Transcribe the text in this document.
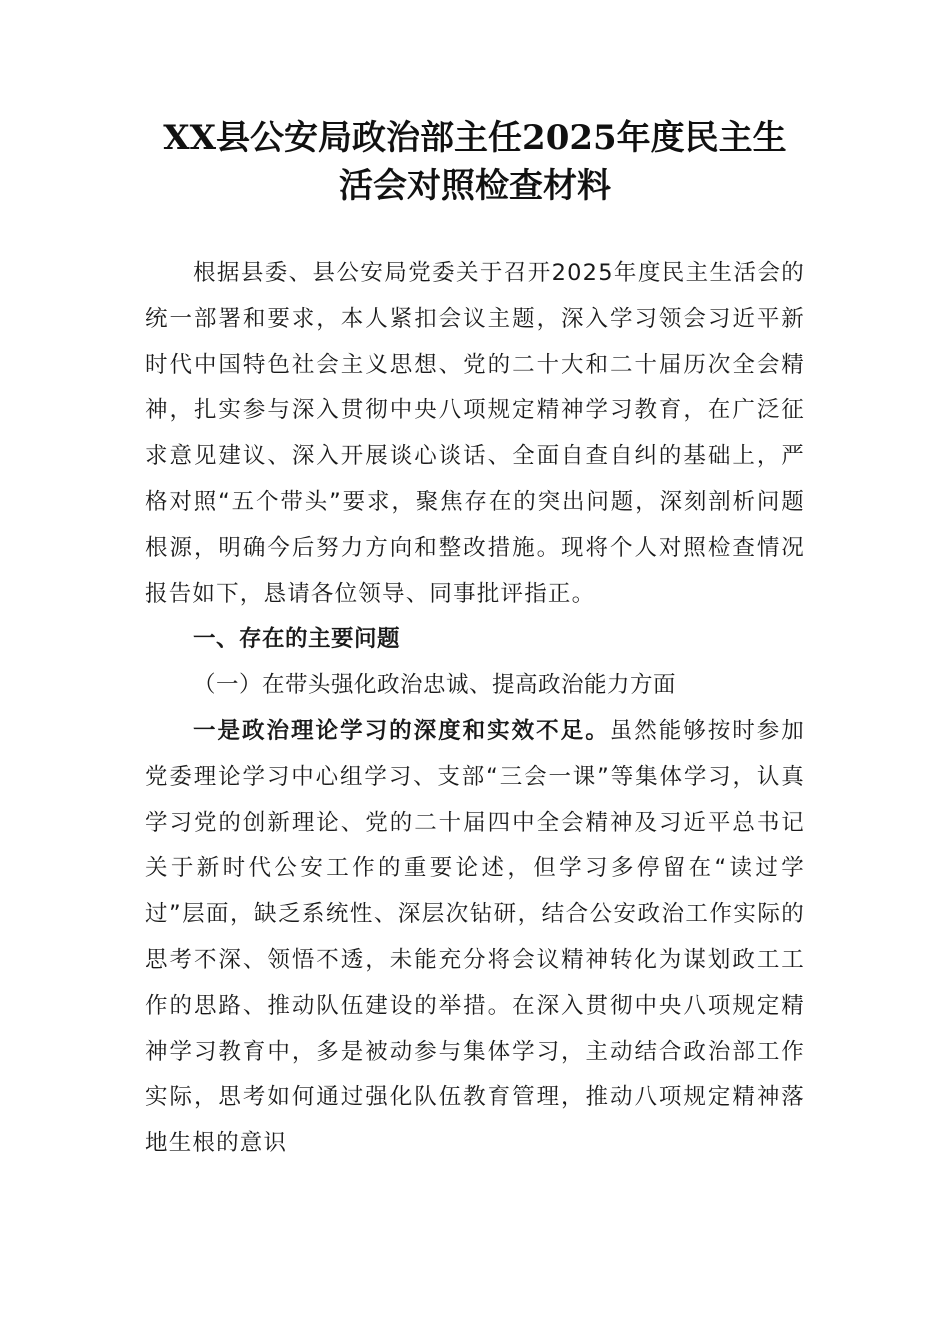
XX县公安局政治部主任2025年度民主生
活会对照检查材料

根据县委、县公安局党委关于召开2025年度民主生活会的统一部署和要求，本人紧扣会议主题，深入学习领会习近平新时代中国特色社会主义思想、党的二十大和二十届历次全会精神，扎实参与深入贯彻中央八项规定精神学习教育，在广泛征求意见建议、深入开展谈心谈话、全面自查自纠的基础上，严格对照“五个带头”要求，聚焦存在的突出问题，深刻剖析问题根源，明确今后努力方向和整改措施。现将个人对照检查情况报告如下，恳请各位领导、同事批评指正。

一、存在的主要问题

（一）在带头强化政治忠诚、提高政治能力方面

一是政治理论学习的深度和实效不足。虽然能够按时参加党委理论学习中心组学习、支部“三会一课”等集体学习，认真学习党的创新理论、党的二十届四中全会精神及习近平总书记关于新时代公安工作的重要论述，但学习多停留在“读过学过”层面，缺乏系统性、深层次钻研，结合公安政治工作实际的思考不深、领悟不透，未能充分将会议精神转化为谋划政工工作的思路、推动队伍建设的举措。在深入贯彻中央八项规定精神学习教育中，多是被动参与集体学习，主动结合政治部工作实际，思考如何通过强化队伍教育管理，推动八项规定精神落地生根的意识
